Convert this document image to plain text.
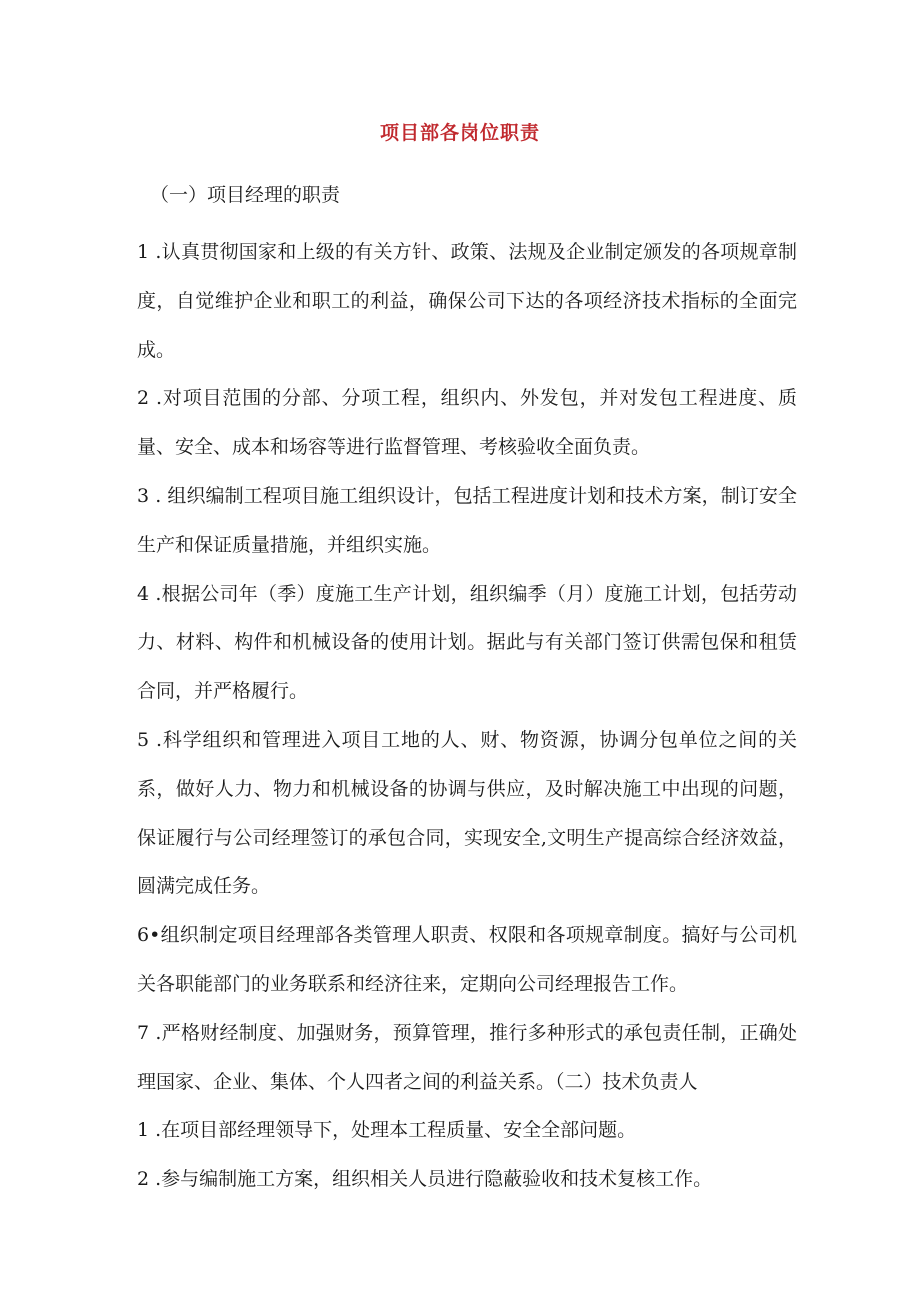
项目部各岗位职责
（一）项目经理的职责

1 .认真贯彻国家和上级的有关方针、政策、法规及企业制定颁发的各项规章制度，自觉维护企业和职工的利益，确保公司下达的各项经济技术指标的全面完成。

2 .对项目范围的分部、分项工程，组织内、外发包，并对发包工程进度、质量、安全、成本和场容等进行监督管理、考核验收全面负责。

3 . 组织编制工程项目施工组织设计，包括工程进度计划和技术方案，制订安全生产和保证质量措施，并组织实施。

4 .根据公司年（季）度施工生产计划，组织编季（月）度施工计划，包括劳动力、材料、构件和机械设备的使用计划。据此与有关部门签订供需包保和租赁合同，并严格履行。

5 .科学组织和管理进入项目工地的人、财、物资源，协调分包单位之间的关系，做好人力、物力和机械设备的协调与供应，及时解决施工中出现的问题，保证履行与公司经理签订的承包合同，实现安全,文明生产提高综合经济效益，圆满完成任务。

6•组织制定项目经理部各类管理人职责、权限和各项规章制度。搞好与公司机关各职能部门的业务联系和经济往来，定期向公司经理报告工作。

7 .严格财经制度、加强财务，预算管理，推行多种形式的承包责任制，正确处理国家、企业、集体、个人四者之间的利益关系。（二）技术负责人

1 .在项目部经理领导下，处理本工程质量、安全全部问题。

2 .参与编制施工方案，组织相关人员进行隐蔽验收和技术复核工作。
